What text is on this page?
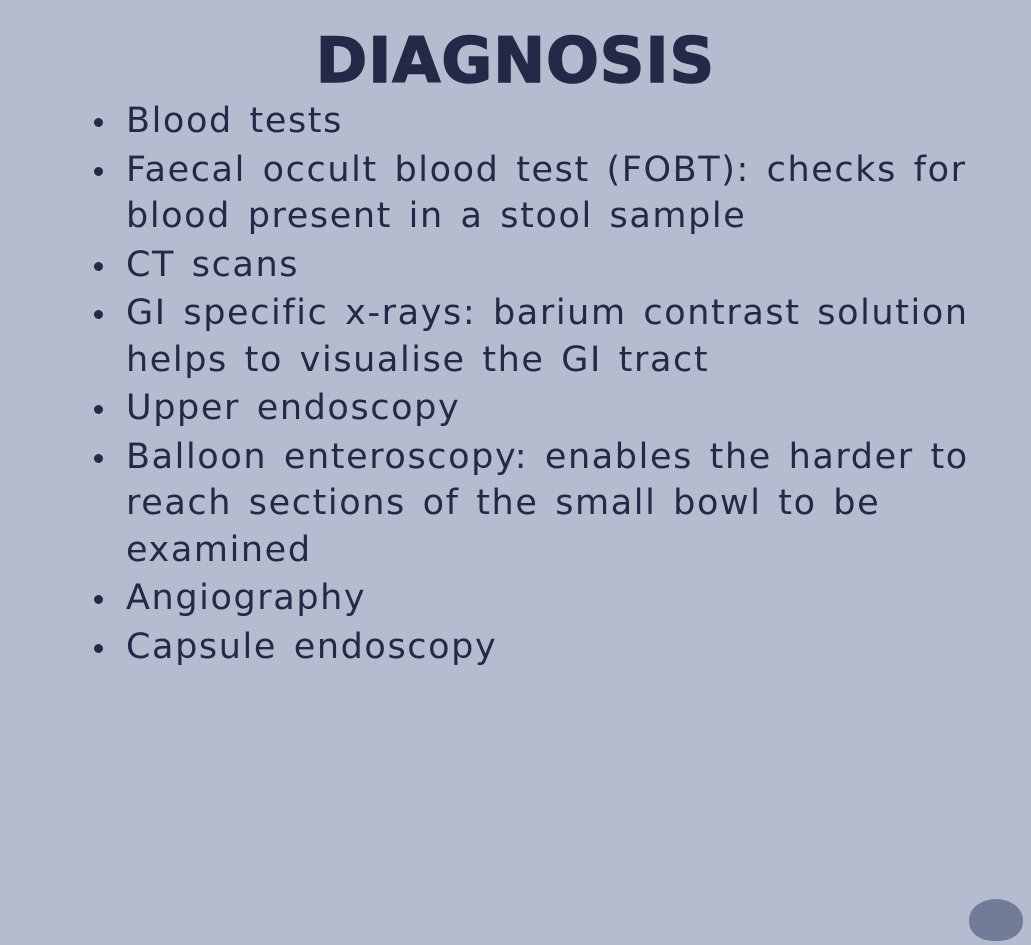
DIAGNOSIS
Blood tests
Faecal occult blood test (FOBT): checks for blood present in a stool sample
CT scans
GI specific x-rays: barium contrast solution helps to visualise the GI tract
Upper endoscopy
Balloon enteroscopy: enables the harder to reach sections of the small bowl to be examined
Angiography
Capsule endoscopy
